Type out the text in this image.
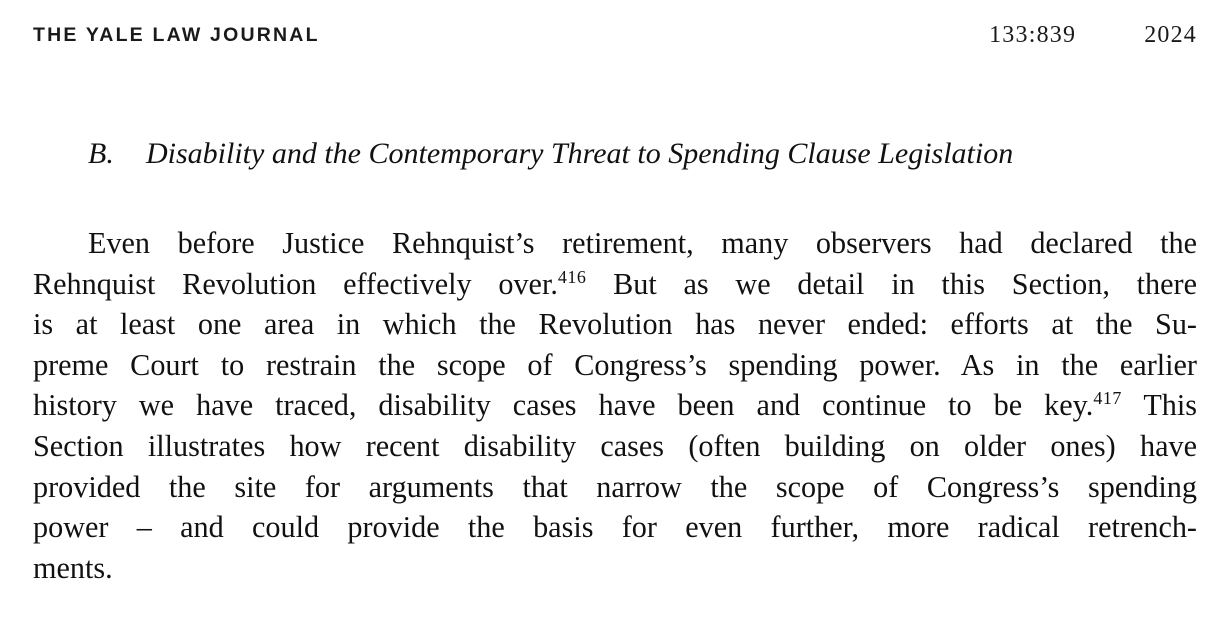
THE YALE LAW JOURNAL	133:839	2024
B. Disability and the Contemporary Threat to Spending Clause Legislation

Even before Justice Rehnquist’s retirement, many observers had declared the
Rehnquist Revolution effectively over.$^{416}$ But as we detail in this Section, there
is at least one area in which the Revolution has never ended: efforts at the Su-
preme Court to restrain the scope of Congress’s spending power. As in the earlier
history we have traced, disability cases have been and continue to be key.$^{417}$ This
Section illustrates how recent disability cases (often building on older ones) have
provided the site for arguments that narrow the scope of Congress’s spending
power – and could provide the basis for even further, more radical retrench-
ments.
